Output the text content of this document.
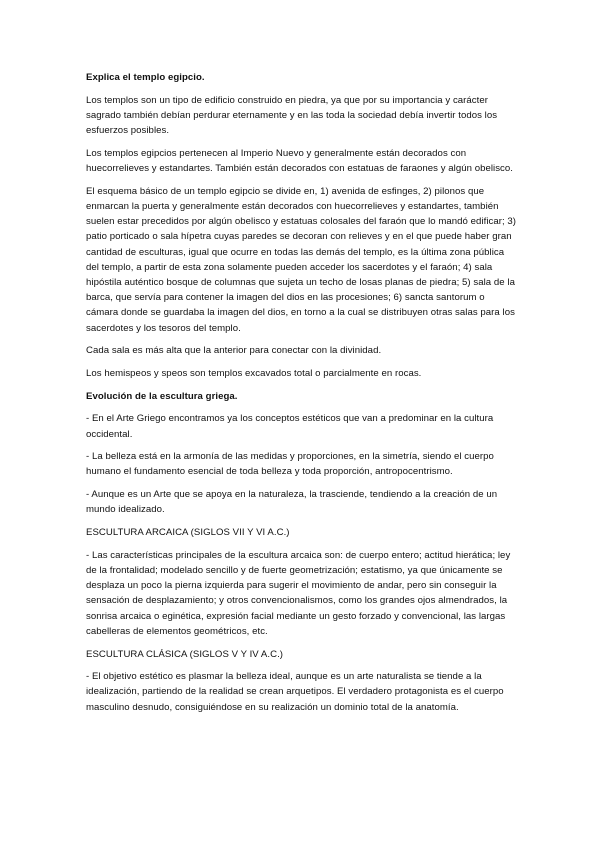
Explica el templo egipcio.

Los templos son un tipo de edificio construido en piedra, ya que por su importancia y carácter sagrado también debían perdurar eternamente y en las toda la sociedad debía invertir todos los esfuerzos posibles.

Los templos egipcios pertenecen al Imperio Nuevo y generalmente están decorados con huecorrelieves y estandartes. También están decorados con estatuas de faraones y algún obelisco.

El esquema básico de un templo egipcio se divide en, 1) avenida de esfinges, 2) pilonos que enmarcan la puerta y generalmente están decorados con huecorrelieves y estandartes, también suelen estar precedidos por algún obelisco y estatuas colosales del faraón que lo mandó edificar; 3) patio porticado o sala hípetra cuyas paredes se decoran con relieves y en el que puede haber gran cantidad de esculturas, igual que ocurre en todas las demás del templo, es la última zona pública del templo, a partir de esta zona solamente pueden acceder los sacerdotes y el faraón; 4) sala hipóstila auténtico bosque de columnas que sujeta un techo de losas planas de piedra; 5) sala de la barca, que servía para contener la imagen del dios en las procesiones; 6) sancta santorum o cámara donde se guardaba la imagen del dios, en torno a la cual se distribuyen otras salas para los sacerdotes y los tesoros del templo.

Cada sala es más alta que la anterior para conectar con la divinidad.

Los hemispeos y speos son templos excavados total o parcialmente en rocas.

Evolución de la escultura griega.

- En el Arte Griego encontramos ya los conceptos estéticos que van a predominar en la cultura occidental.

- La belleza está en la armonía de las medidas y proporciones, en la simetría, siendo el cuerpo humano el fundamento esencial de toda belleza y toda proporción, antropocentrismo.

- Aunque es un Arte que se apoya en la naturaleza, la trasciende, tendiendo a la creación de un mundo idealizado.

ESCULTURA ARCAICA (SIGLOS VII Y VI A.C.)

- Las características principales de la escultura arcaica son: de cuerpo entero; actitud hierática; ley de la frontalidad; modelado sencillo y de fuerte geometrización; estatismo, ya que únicamente se desplaza un poco la pierna izquierda para sugerir el movimiento de andar, pero sin conseguir la sensación de desplazamiento; y otros convencionalismos, como los grandes ojos almendrados, la sonrisa arcaica o eginética, expresión facial mediante un gesto forzado y convencional, las largas cabelleras de elementos geométricos, etc.

ESCULTURA CLÁSICA (SIGLOS V Y IV A.C.)

- El objetivo estético es plasmar la belleza ideal, aunque es un arte naturalista se tiende a la idealización, partiendo de la realidad se crean arquetipos. El verdadero protagonista es el cuerpo masculino desnudo, consiguiéndose en su realización un dominio total de la anatomía.
